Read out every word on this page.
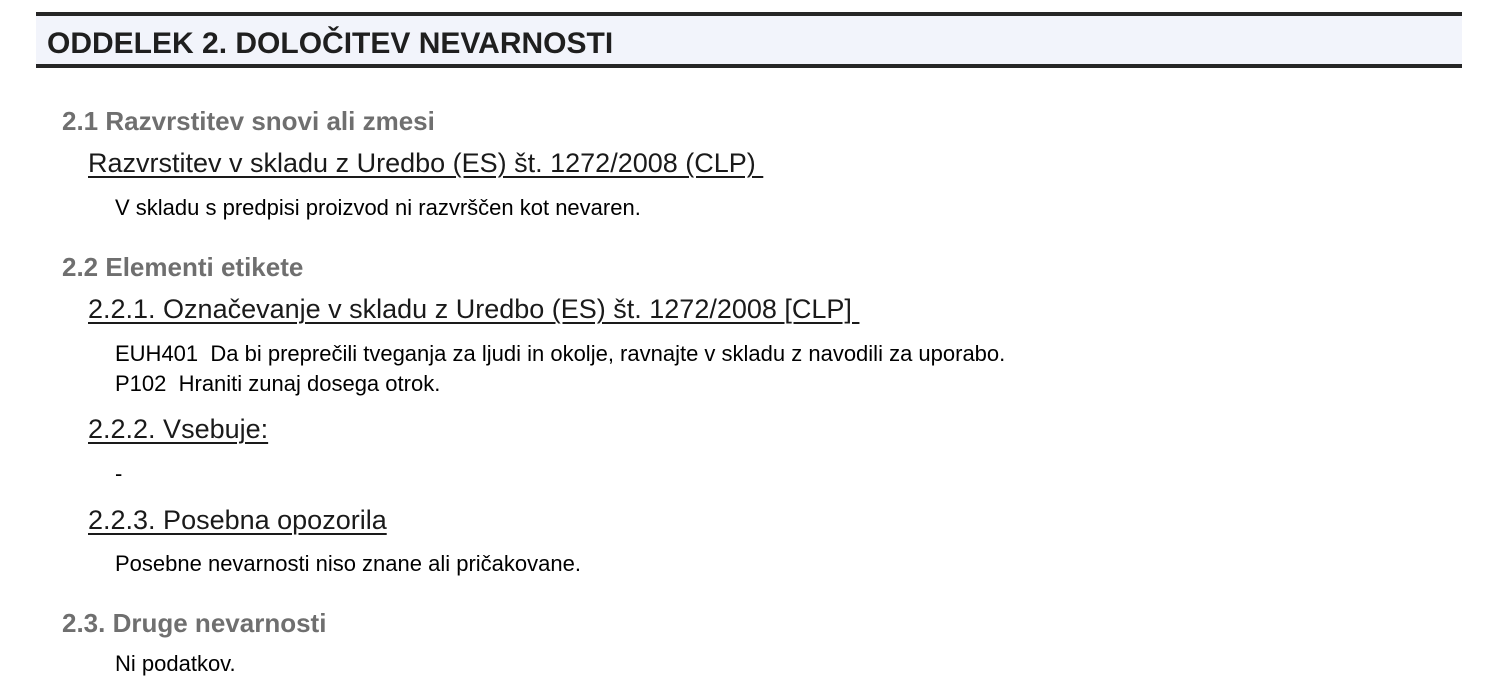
ODDELEK 2. DOLOČITEV NEVARNOSTI
2.1 Razvrstitev snovi ali zmesi
Razvrstitev v skladu z Uredbo (ES) št. 1272/2008 (CLP)
V skladu s predpisi proizvod ni razvrščen kot nevaren.
2.2 Elementi etikete
2.2.1. Označevanje v skladu z Uredbo (ES) št. 1272/2008 [CLP]
EUH401  Da bi preprečili tveganja za ljudi in okolje, ravnajte v skladu z navodili za uporabo.
P102  Hraniti zunaj dosega otrok.
2.2.2. Vsebuje:
-
2.2.3. Posebna opozorila
Posebne nevarnosti niso znane ali pričakovane.
2.3. Druge nevarnosti
Ni podatkov.
